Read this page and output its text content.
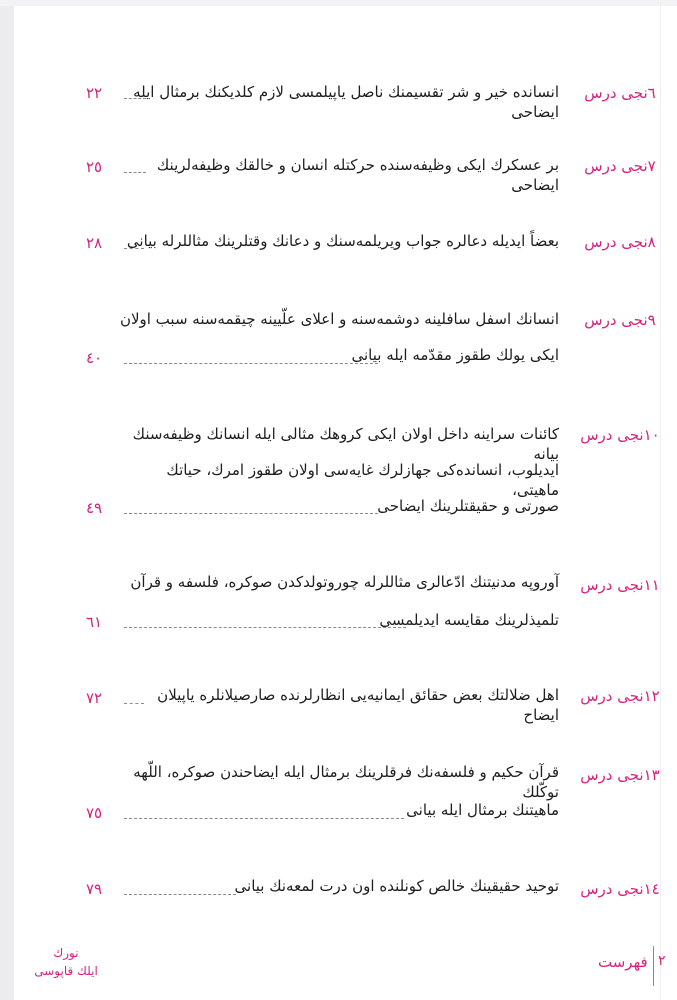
٦نجی درس
انسانده خیر و شر تقسیمنك ناصل یاپیلمسی لازم کلدیکنك برمثال ایله ایضاحی
٢٢
٧نجی درس
بر عسکرك ایکی وظیفه‌سنده حرکتله انسان و خالقك وظیفه‌لرینك ایضاحی
٢٥
٨نجی درس
بعضاً ایدیله دعالره جواب ویریلمه‌سنك و دعانك وقتلرینك مثاللرله بیانی
٢٨
٩نجی درس
انسانك اسفل سافلینه دوشمه‌سنه و اعلای علّیینه چیقمه‌سنه سبب اولان
ایکی یولك طقوز مقدّمه ایله بیانی
٤٠
١٠نجی درس
کائنات سراینه داخل اولان ایکی کروهك مثالی ایله انسانك وظیفه‌سنك بیانه
ایدیلوب، انسانده‌کی جهازلرك غایه‌سی اولان طقوز امرك، حیاتك ماهیتی،
صورتی و حقیقتلرینك ایضاحی
٤٩
١١نجی درس
آوروپه مدنیتنك ادّعالری مثاللرله چوروتولدکدن صوکره، فلسفه و قرآن
تلمیذلرینك مقایسه ایدیلمسی
٦١
١٢نجی درس
اهل ضلالتك بعض حقائق ایمانیه‌یی انظارلرنده صارصیلانلره یاپیلان ایضاح
٧٢
١٣نجی درس
قرآن حکیم و فلسفه‌نك فرقلرینك برمثال ایله ایضاحندن صوکره، اللّهه توکّلك
ماهیتنك برمثال ایله بیانی
٧٥
١٤نجی درس
توحید حقیقینك خالص کونلنده اون درت لمعه‌نك بیانی
٧٩
٢
فهرست
نورك
ایلك قاپوسی
